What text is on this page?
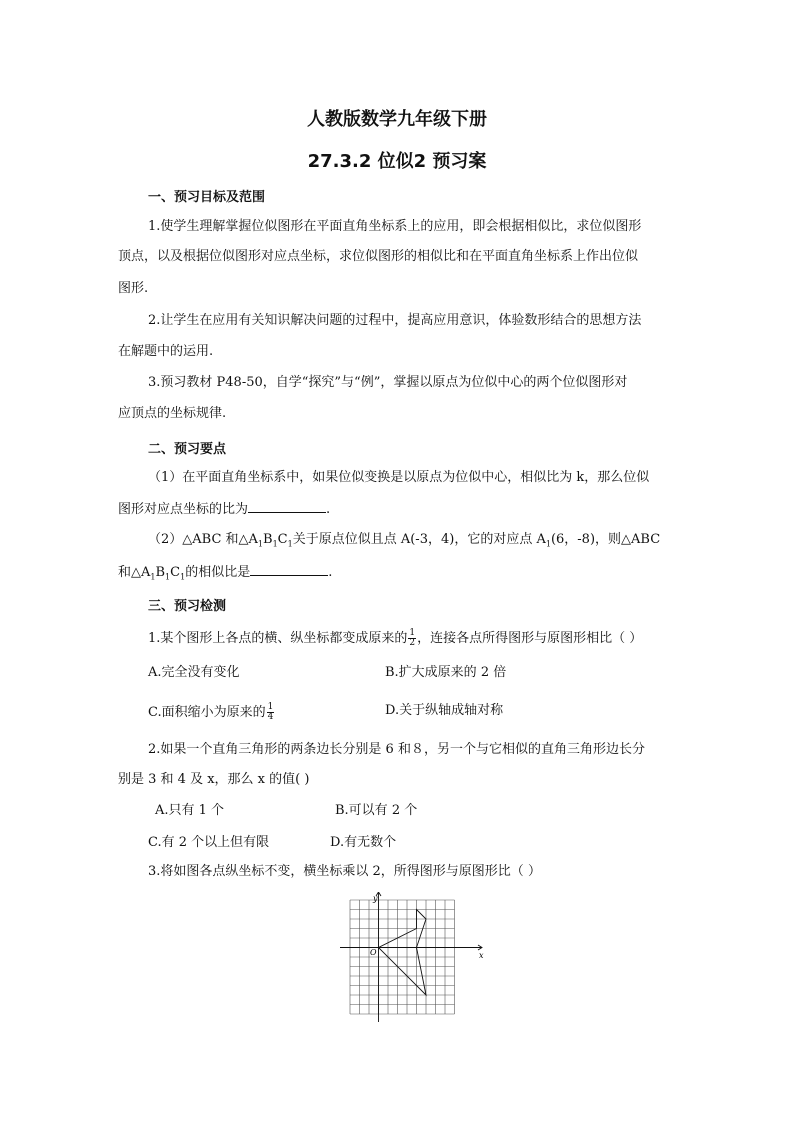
人教版数学九年级下册
27.3.2 位似2 预习案
一、预习目标及范围
1.使学生理解掌握位似图形在平面直角坐标系上的应用，即会根据相似比，求位似图形
顶点，以及根据位似图形对应点坐标，求位似图形的相似比和在平面直角坐标系上作出位似
图形.
2.让学生在应用有关知识解决问题的过程中，提高应用意识，体验数形结合的思想方法
在解题中的运用.
3.预习教材 P48-50，自学“探究”与“例”，掌握以原点为位似中心的两个位似图形对
应顶点的坐标规律.
二、预习要点
（1）在平面直角坐标系中，如果位似变换是以原点为位似中心，相似比为 k，那么位似
图形对应点坐标的比为	.
（2）△ABC 和$\triangle A_1B_1C_1$关于原点位似且点 A(-3，4)，它的对应点 $A_1(6$，-8)，则△ABC
和$\triangle A_1B_1C_1$的相似比是	.
三、预习检测
1.某个图形上各点的横、纵坐标都变成原来的 $\frac{1}{2}$ ，连接各点所得图形与原图形相比（ ）
A.完全没有变化	B.扩大成原来的 2 倍
C.面积缩小为原来的 $\frac{1}{4}$	D.关于纵轴成轴对称
2.如果一个直角三角形的两条边长分别是 6 和８，另一个与它相似的直角三角形边长分
别是 3 和 4 及 x，那么 x 的值( )
A.只有 1 个	B.可以有 2 个
C.有 2 个以上但有限	D.有无数个
3.将如图各点纵坐标不变，横坐标乘以 2，所得图形与原图形比（ ）
y
x
O
